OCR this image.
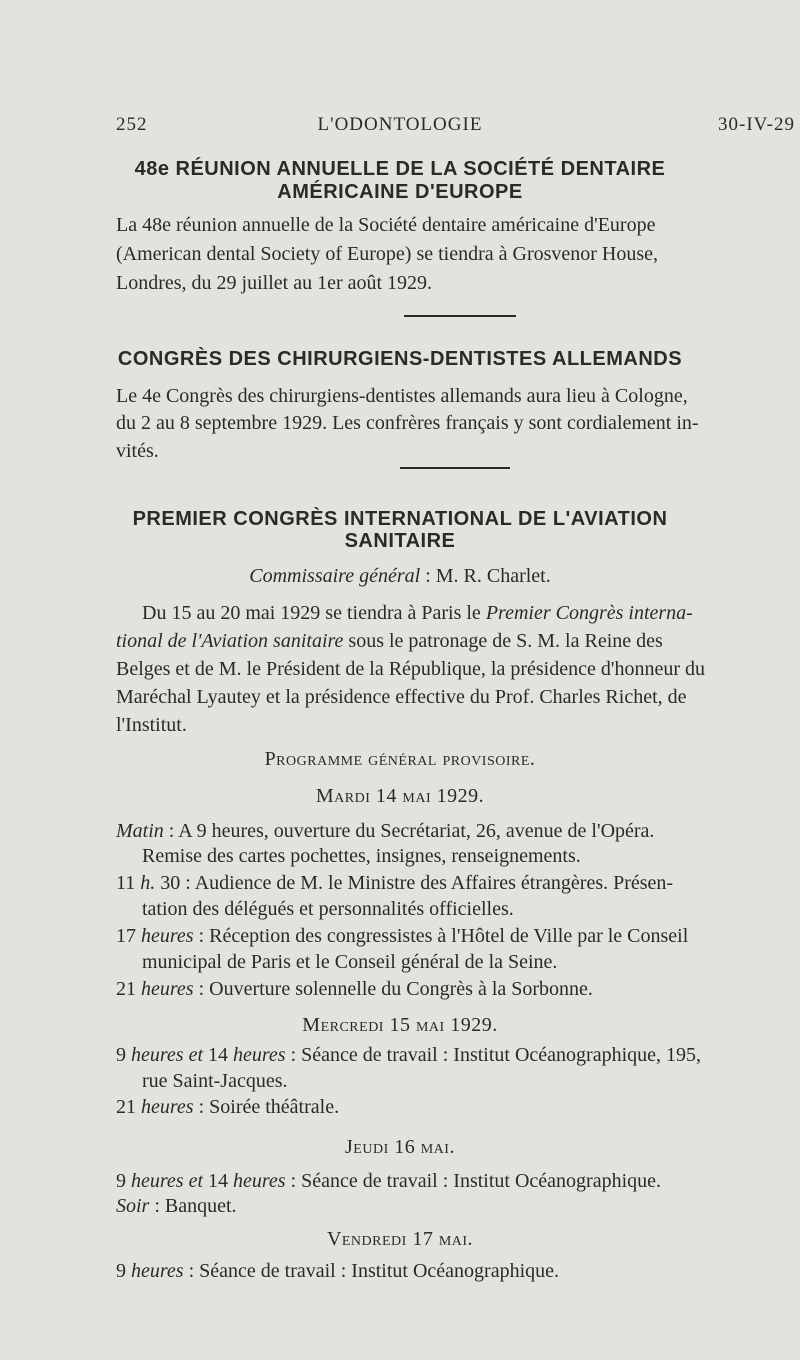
252	L'ODONTOLOGIE	30-IV-29
48e RÉUNION ANNUELLE DE LA SOCIÉTÉ DENTAIRE
AMÉRICAINE D'EUROPE
La 48e réunion annuelle de la Société dentaire américaine d'Europe
(American dental Society of Europe) se tiendra à Grosvenor House,
Londres, du 29 juillet au 1er août 1929.
CONGRÈS DES CHIRURGIENS-DENTISTES ALLEMANDS
Le 4e Congrès des chirurgiens-dentistes allemands aura lieu à Cologne,
du 2 au 8 septembre 1929. Les confrères français y sont cordialement in-
vités.
PREMIER CONGRÈS INTERNATIONAL DE L'AVIATION
SANITAIRE
Commissaire général : M. R. Charlet.
Du 15 au 20 mai 1929 se tiendra à Paris le Premier Congrès interna-
tional de l'Aviation sanitaire sous le patronage de S. M. la Reine des
Belges et de M. le Président de la République, la présidence d'honneur du
Maréchal Lyautey et la présidence effective du Prof. Charles Richet, de
l'Institut.
Programme général provisoire.
Mardi 14 mai 1929.
Matin : A 9 heures, ouverture du Secrétariat, 26, avenue de l'Opéra.
Remise des cartes pochettes, insignes, renseignements.
11 h. 30 : Audience de M. le Ministre des Affaires étrangères. Présen-
tation des délégués et personnalités officielles.
17 heures : Réception des congressistes à l'Hôtel de Ville par le Conseil
municipal de Paris et le Conseil général de la Seine.
21 heures : Ouverture solennelle du Congrès à la Sorbonne.
Mercredi 15 mai 1929.
9 heures et 14 heures : Séance de travail : Institut Océanographique, 195,
rue Saint-Jacques.
21 heures : Soirée théâtrale.
Jeudi 16 mai.
9 heures et 14 heures : Séance de travail : Institut Océanographique.
Soir : Banquet.
Vendredi 17 mai.
9 heures : Séance de travail : Institut Océanographique.
